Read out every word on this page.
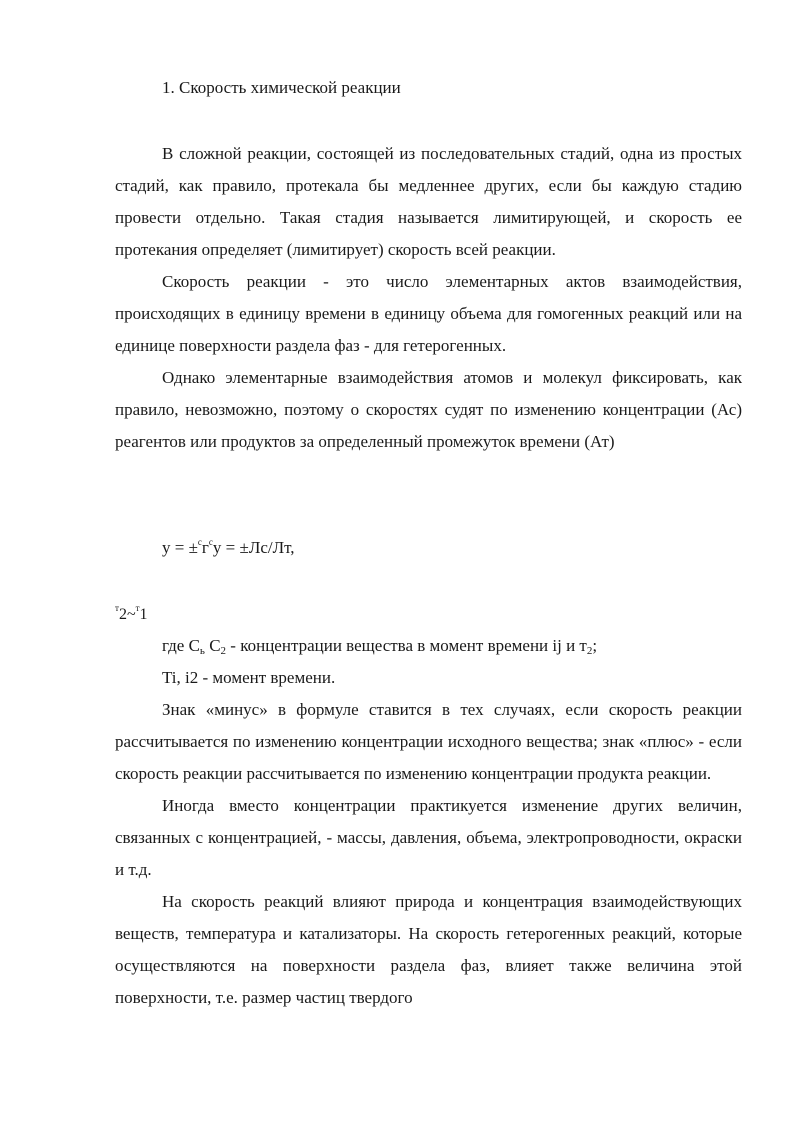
1. Скорость химической реакции

В сложной реакции, состоящей из последовательных стадий, одна из простых стадий, как правило, протекала бы медленнее других, если бы каждую стадию провести отдельно. Такая стадия называется лимитирующей, и скорость ее протекания определяет (лимитирует) скорость всей реакции.

Скорость реакции - это число элементарных актов взаимодействия, происходящих в единицу времени в единицу объема для гомогенных реакций или на единице поверхности раздела фаз - для гетерогенных.

Однако элементарные взаимодействия атомов и молекул фиксировать, как правило, невозможно, поэтому о скоростях судят по изменению концентрации (Ас) реагентов или продуктов за определенный промежуток времени (Ат)

$у = \pm^сг^су = \pm Лс/Лт$,
$^т$2~$^т$1
где $С_ь$ $С_2$ - концентрации вещества в момент времени ij и $т_2$;
Ti, i2 - момент времени.

Знак «минус» в формуле ставится в тех случаях, если скорость реакции рассчитывается по изменению концентрации исходного вещества; знак «плюс» - если скорость реакции рассчитывается по изменению концентрации продукта реакции.

Иногда вместо концентрации практикуется изменение других величин, связанных с концентрацией, - массы, давления, объема, электропроводности, окраски и т.д.

На скорость реакций влияют природа и концентрация взаимодействующих веществ, температура и катализаторы. На скорость гетерогенных реакций, которые осуществляются на поверхности раздела фаз, влияет также величина этой поверхности, т.е. размер частиц твердого
